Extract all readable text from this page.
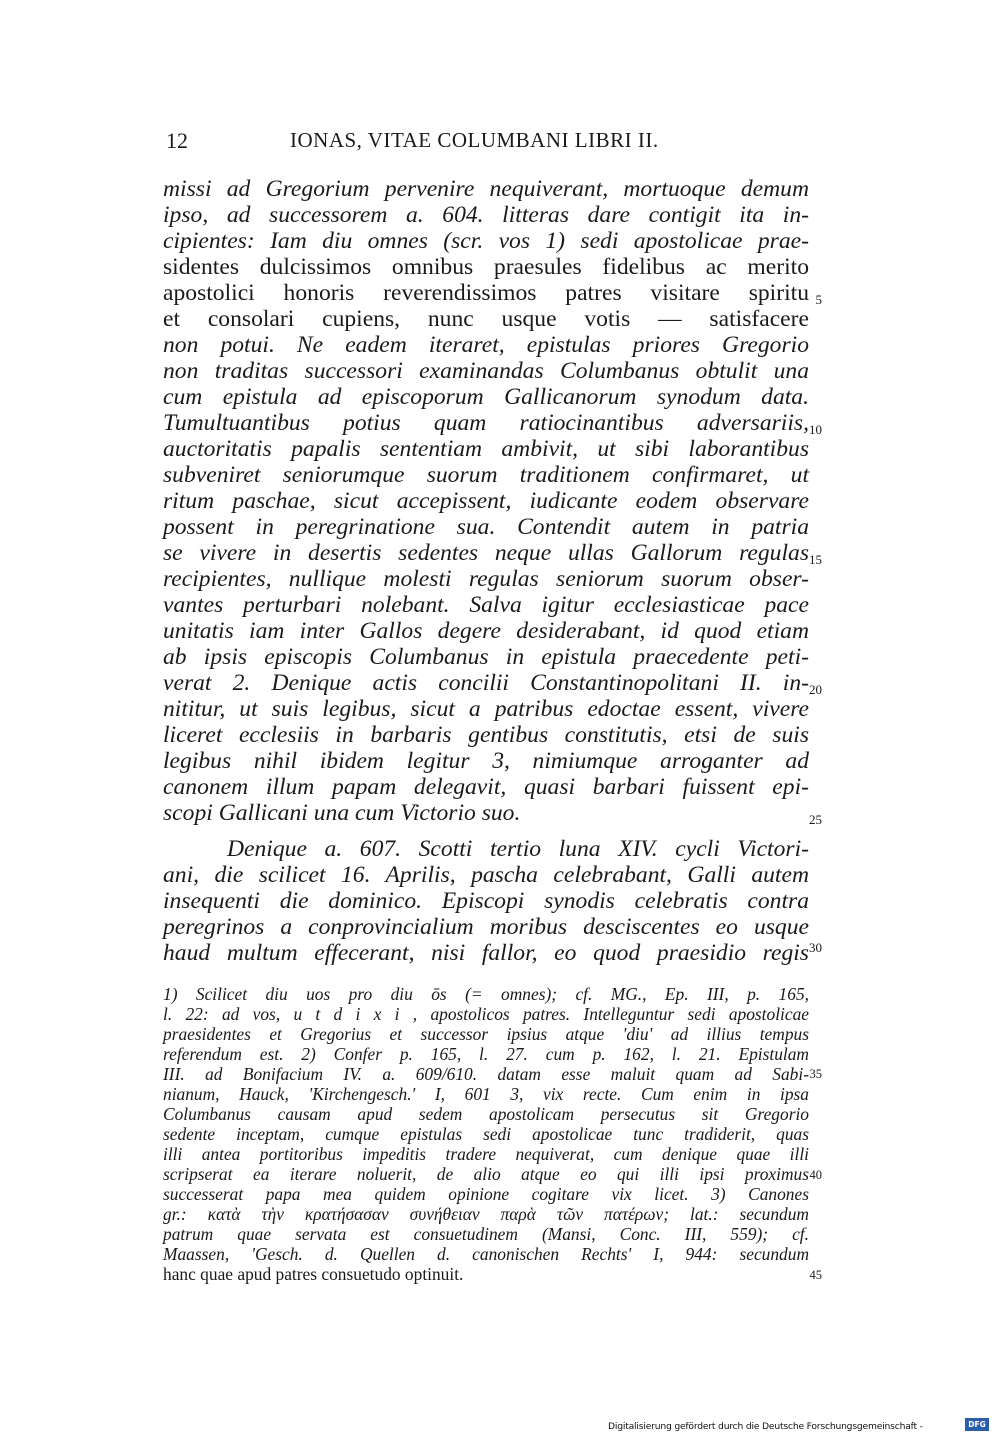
12	IONAS, VITAE COLUMBANI LIBRI II.
missi ad Gregorium pervenire nequiverant, mortuoque demum
ipso, ad successorem a. 604. litteras dare contigit ita in-
cipientes: Iam diu omnes (scr. vos 1) sedi apostolicae prae-
sidentes dulcissimos omnibus praesules fidelibus ac merito
apostolici honoris reverendissimos patres visitare spiritu
et consolari cupiens, nunc usque votis — satisfacere
non potui. Ne eadem iteraret, epistulas priores Gregorio
non traditas successori examinandas Columbanus obtulit una
cum epistula ad episcoporum Gallicanorum synodum data.
Tumultuantibus potius quam ratiocinantibus adversariis,
auctoritatis papalis sententiam ambivit, ut sibi laborantibus
subveniret seniorumque suorum traditionem confirmaret, ut
ritum paschae, sicut accepissent, iudicante eodem observare
possent in peregrinatione sua. Contendit autem in patria
se vivere in desertis sedentes neque ullas Gallorum regulas
recipientes, nullique molesti regulas seniorum suorum obser-
vantes perturbari nolebant. Salva igitur ecclesiasticae pace
unitatis iam inter Gallos degere desiderabant, id quod etiam
ab ipsis episcopis Columbanus in epistula praecedente peti-
verat 2. Denique actis concilii Constantinopolitani II. in-
nititur, ut suis legibus, sicut a patribus edoctae essent, vivere
liceret ecclesiis in barbaris gentibus constitutis, etsi de suis
legibus nihil ibidem legitur 3, nimiumque arroganter ad
canonem illum papam delegavit, quasi barbari fuissent epi-
scopi Gallicani una cum Victorio suo.
Denique a. 607. Scotti tertio luna XIV. cycli Victori-
ani, die scilicet 16. Aprilis, pascha celebrabant, Galli autem
insequenti die dominico. Episcopi synodis celebratis contra
peregrinos a conprovincialium moribus desciscentes eo usque
haud multum effecerant, nisi fallor, eo quod praesidio regis
5
10
15
20
25
30
1) Scilicet diu uos pro diu ōs (= omnes); cf. MG., Ep. III, p. 165,
l. 22: ad vos, u t d i x i , apostolicos patres. Intelleguntur sedi apostolicae
praesidentes et Gregorius et successor ipsius atque 'diu' ad illius tempus
referendum est. 2) Confer p. 165, l. 27. cum p. 162, l. 21. Epistulam
III. ad Bonifacium IV. a. 609/610. datam esse maluit quam ad Sabi-
nianum, Hauck, 'Kirchengesch.' I, 601 3, vix recte. Cum enim in ipsa
Columbanus causam apud sedem apostolicam persecutus sit Gregorio
sedente inceptam, cumque epistulas sedi apostolicae tunc tradiderit, quas
illi antea portitoribus impeditis tradere nequiverat, cum denique quae illi
scripserat ea iterare noluerit, de alio atque eo qui illi ipsi proximus
successerat papa mea quidem opinione cogitare vix licet. 3) Canones
gr.: κατὰ τὴν κρατήσασαν συνήθειαν παρὰ τῶν πατέρων; lat.: secundum
patrum quae servata est consuetudinem (Mansi, Conc. III, 559); cf.
Maassen, 'Gesch. d. Quellen d. canonischen Rechts' I, 944: secundum
hanc quae apud patres consuetudo optinuit.
35
40
45
Digitalisierung gefördert durch die Deutsche Forschungsgemeinschaft -	DFG
